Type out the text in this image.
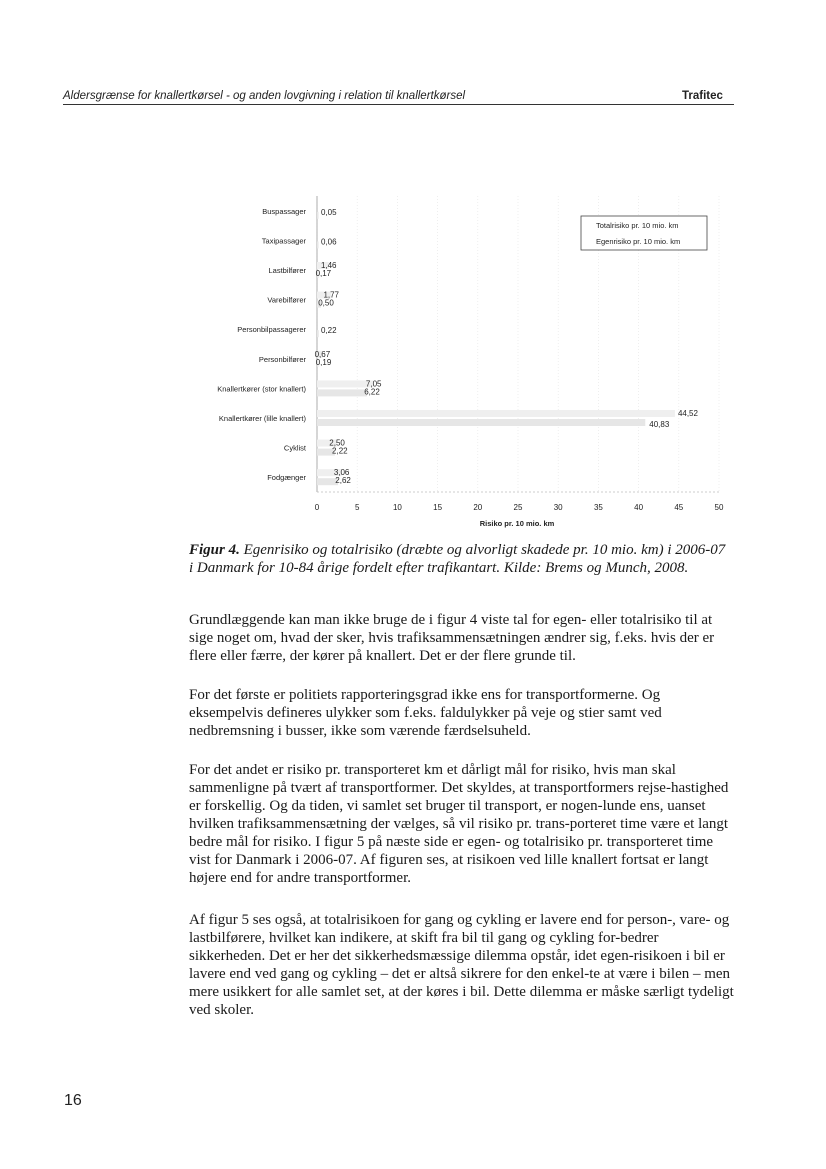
Aldersgrænse for knallertkørsel - og anden lovgivning i relation til knallertkørsel	Trafitec
Buspassager 0,05
Taxipassager 0,06
Lastbilfører
1,46
0,17
Varebilfører
1,77
0,50
Personbilpassagerer 0,22
Personbilfører
0,67
0,19
Knallertkører (stor knallert)
7,05
6,22
Knallertkører (lille knallert)
44,52
40,83
Cyklist
2,50
2,22
Fodgænger
3,06
2,62
0	5	10	15	20	25	30	35	40	45	50
Totalrisiko pr. 10 mio. km
Egenrisiko pr. 10 mio. km
Risiko pr. 10 mio. km

Figur 4. Egenrisiko og totalrisiko (dræbte og alvorligt skadede pr. 10 mio. km) i 2006-07 i Danmark for 10-84 årige fordelt efter trafikantart. Kilde: Brems og Munch, 2008.

Grundlæggende kan man ikke bruge de i figur 4 viste tal for egen- eller totalrisiko til at sige noget om, hvad der sker, hvis trafiksammensætningen ændrer sig, f.eks. hvis der er flere eller færre, der kører på knallert. Det er der flere grunde til.

For det første er politiets rapporteringsgrad ikke ens for transportformerne. Og eksempelvis defineres ulykker som f.eks. faldulykker på veje og stier samt ved nedbremsning i busser, ikke som værende færdselsuheld.

For det andet er risiko pr. transporteret km et dårligt mål for risiko, hvis man skal sammenligne på tvært af transportformer. Det skyldes, at transportformers rejse-hastighed er forskellig. Og da tiden, vi samlet set bruger til transport, er nogen-lunde ens, uanset hvilken trafiksammensætning der vælges, så vil risiko pr. trans-porteret time være et langt bedre mål for risiko. I figur 5 på næste side er egen- og totalrisiko pr. transporteret time vist for Danmark i 2006-07. Af figuren ses, at risikoen ved lille knallert fortsat er langt højere end for andre transportformer.

Af figur 5 ses også, at totalrisikoen for gang og cykling er lavere end for person-, vare- og lastbilførere, hvilket kan indikere, at skift fra bil til gang og cykling for-bedrer sikkerheden. Det er her det sikkerhedsmæssige dilemma opstår, idet egen-risikoen i bil er lavere end ved gang og cykling – det er altså sikrere for den enkel-te at være i bilen – men mere usikkert for alle samlet set, at der køres i bil. Dette dilemma er måske særligt tydeligt ved skoler.

16
